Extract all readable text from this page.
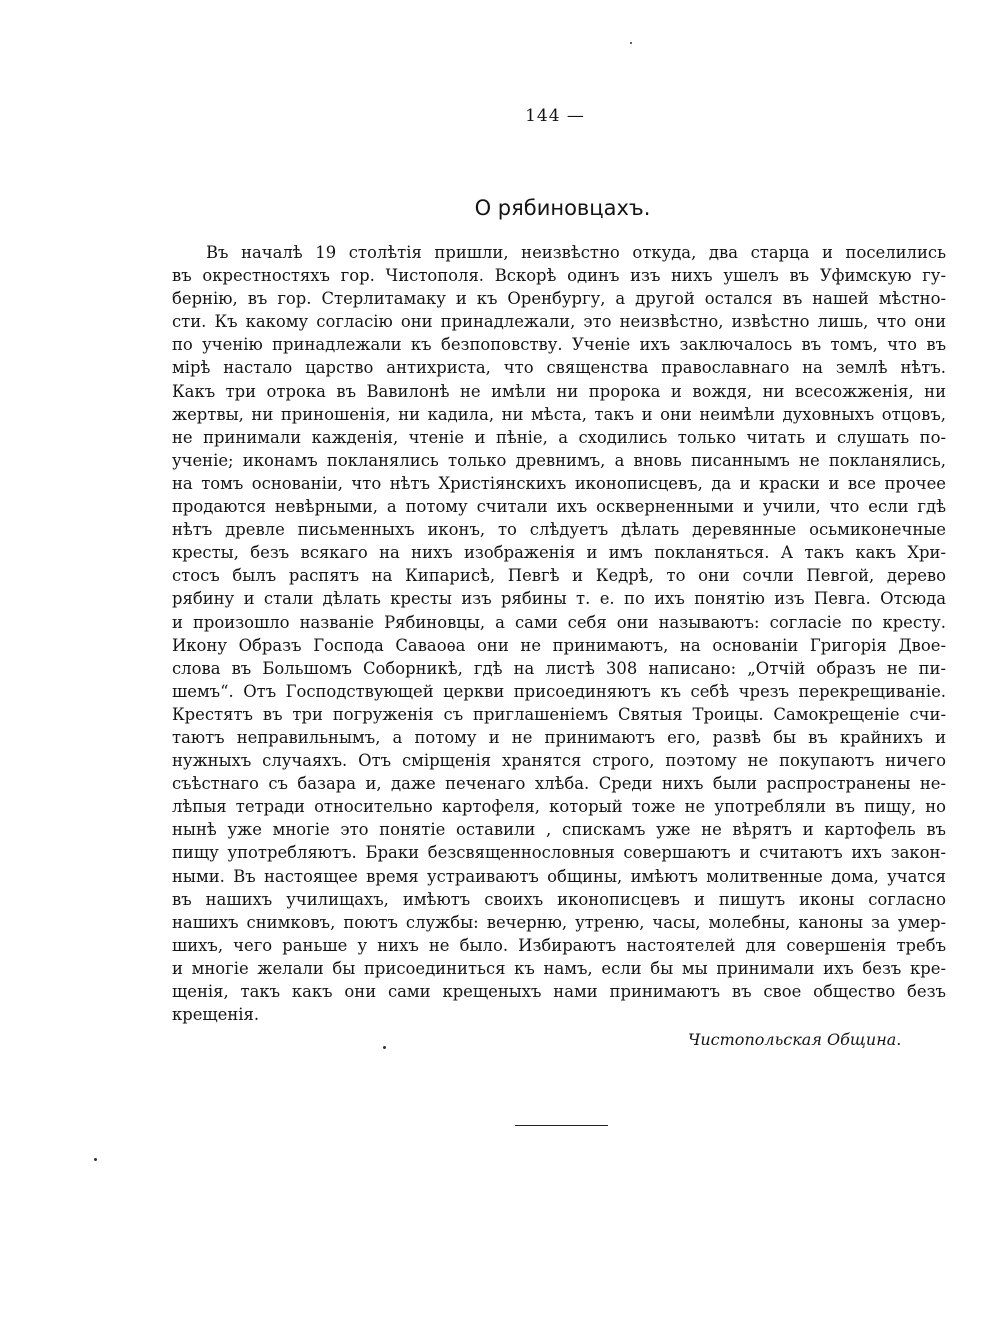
144 —
О рябиновцахъ.
Въ началѣ 19 столѣтія пришли, неизвѣстно откуда, два старца и поселились
въ окрестностяхъ гор. Чистополя. Вскорѣ одинъ изъ нихъ ушелъ въ Уфимскую гу-
бернію, въ гор. Стерлитамаку и къ Оренбургу, а другой остался въ нашей мѣстно-
сти. Къ какому согласію они принадлежали, это неизвѣстно, извѣстно лишь, что они
по ученію принадлежали къ безпоповству. Ученіе ихъ заключалось въ томъ, что въ
мірѣ настало царство антихриста, что священства православнаго на землѣ нѣтъ.
Какъ три отрока въ Вавилонѣ не имѣли ни пророка и вождя, ни всесожженія, ни
жертвы, ни приношенія, ни кадила, ни мѣста, такъ и они неимѣли духовныхъ отцовъ,
не принимали кажденія, чтеніе и пѣніе, а сходились только читать и слушать по-
ученіе; иконамъ покланялись только древнимъ, а вновь писаннымъ не покланялись,
на томъ основаніи, что нѣтъ Христіянскихъ иконописцевъ, да и краски и все прочее
продаются невѣрными, а потому считали ихъ оскверненными и учили, что если гдѣ
нѣтъ древле письменныхъ иконъ, то слѣдуетъ дѣлать деревянные осьмиконечные
кресты, безъ всякаго на нихъ изображенія и имъ покланяться. А такъ какъ Хри-
стосъ былъ распятъ на Кипарисѣ, Певгѣ и Кедрѣ, то они сочли Певгой, дерево
рябину и стали дѣлать кресты изъ рябины т. е. по ихъ понятію изъ Певга. Отсюда
и произошло названіе Рябиновцы, а сами себя они называютъ: согласіе по кресту.
Икону Образъ Господа Саваоѳа они не принимаютъ, на основаніи Григорія Двое-
слова въ Большомъ Соборникѣ, гдѣ на листѣ 308 написано: „Отчій образъ не пи-
шемъ“. Отъ Господствующей церкви присоединяютъ къ себѣ чрезъ перекрещиваніе.
Крестятъ въ три погруженія съ приглашеніемъ Святыя Троицы. Самокрещеніе счи-
таютъ неправильнымъ, а потому и не принимаютъ его, развѣ бы въ крайнихъ и
нужныхъ случаяхъ. Отъ смірщенія хранятся строго, поэтому не покупаютъ ничего
съѣстнаго съ базара и, даже печенаго хлѣба. Среди нихъ были распространены не-
лѣпыя тетради относительно картофеля, который тоже не употребляли въ пищу, но
нынѣ уже многіе это понятіе оставили , спискамъ уже не вѣрятъ и картофель въ
пищу употребляютъ. Браки безсвященнословныя совершаютъ и считаютъ ихъ закон-
ными. Въ настоящее время устраиваютъ общины, имѣютъ молитвенные дома, учатся
въ нашихъ училищахъ, имѣютъ своихъ иконописцевъ и пишутъ иконы согласно
нашихъ снимковъ, поютъ службы: вечерню, утреню, часы, молебны, каноны за умер-
шихъ, чего раньше у нихъ не было. Избираютъ настоятелей для совершенія требъ
и многіе желали бы присоединиться къ намъ, если бы мы принимали ихъ безъ кре-
щенія, такъ какъ они сами крещеныхъ нами принимаютъ въ свое общество безъ
крещенія.
Чистопольская Община.
